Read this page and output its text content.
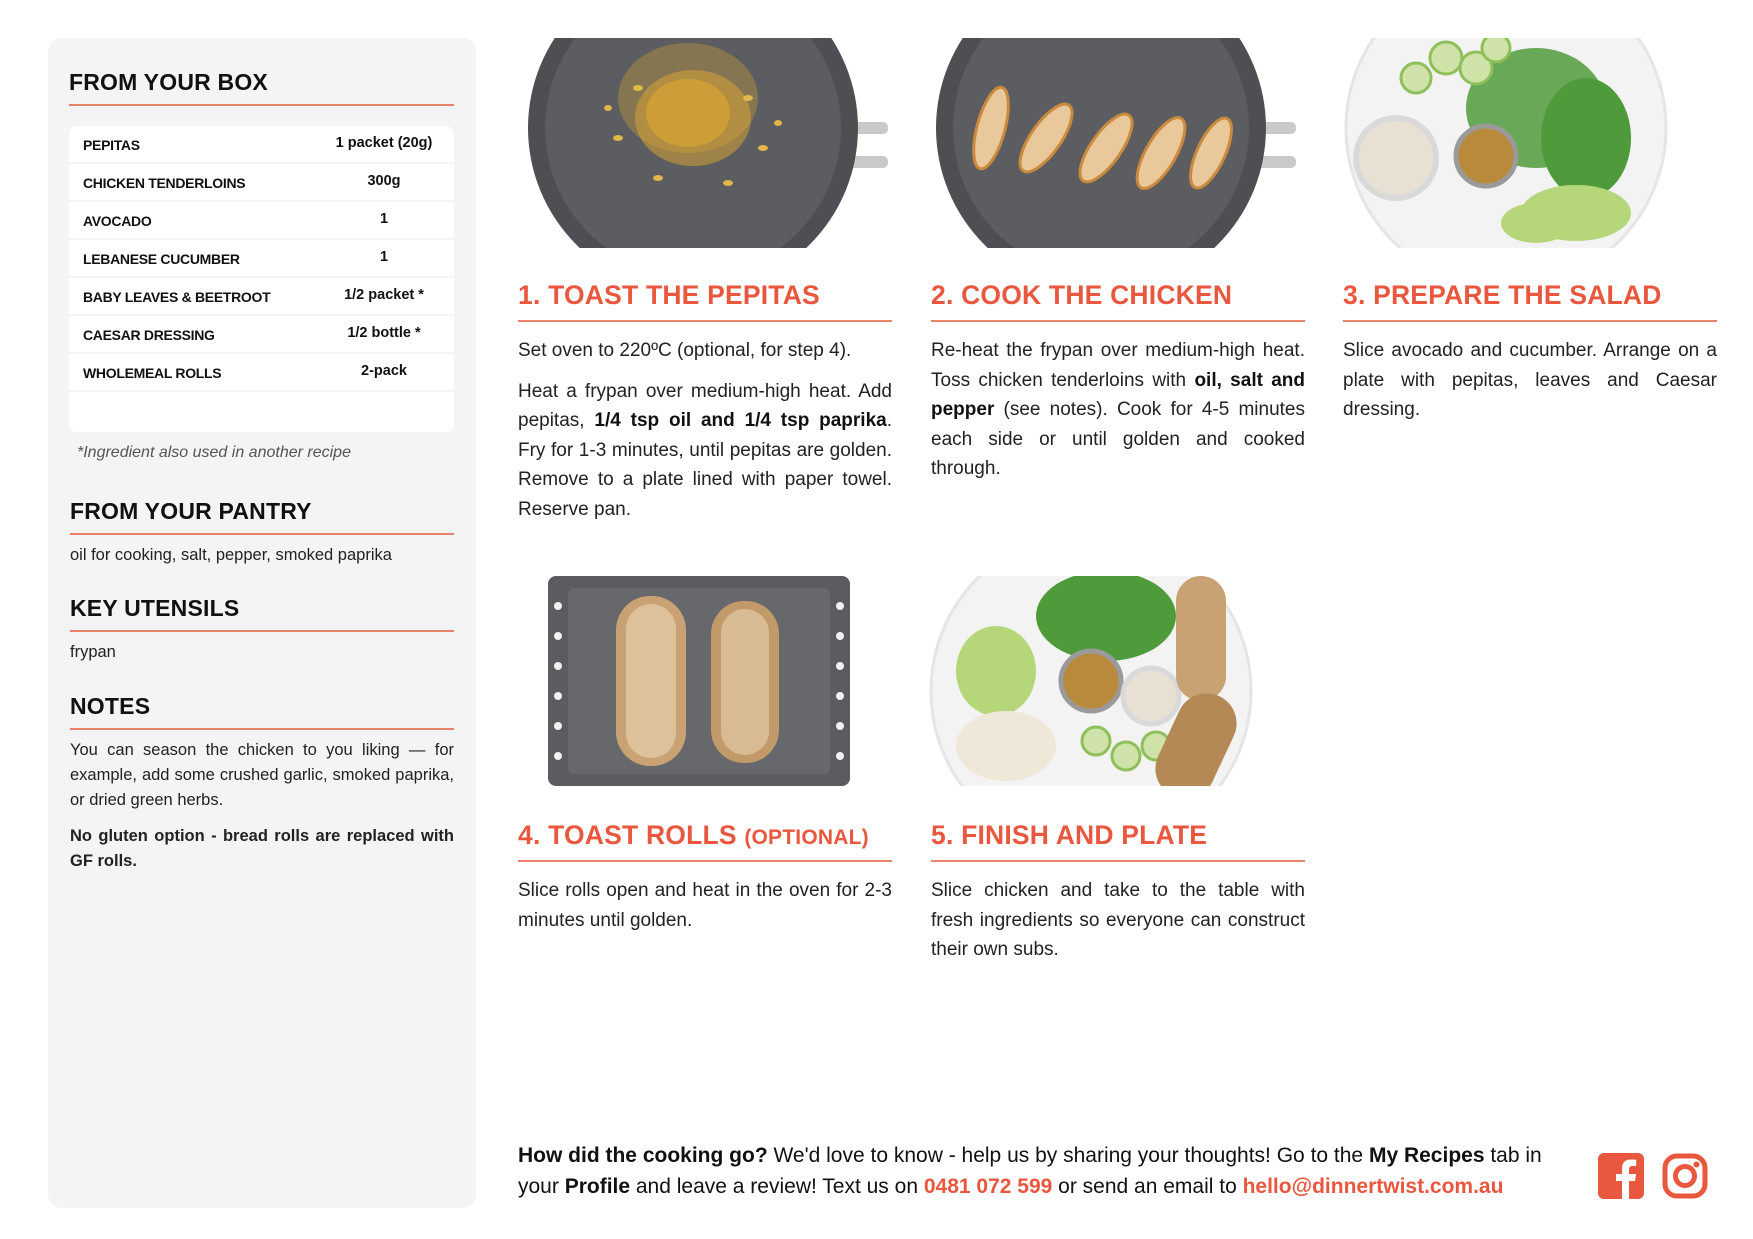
FROM YOUR BOX
PEPITAS	1 packet (20g)
CHICKEN TENDERLOINS	300g
AVOCADO	1
LEBANESE CUCUMBER	1
BABY LEAVES & BEETROOT	1/2 packet *
CAESAR DRESSING	1/2 bottle *
WHOLEMEAL ROLLS	2-pack
*Ingredient also used in another recipe
FROM YOUR PANTRY
oil for cooking, salt, pepper, smoked paprika
KEY UTENSILS
frypan
NOTES
You can season the chicken to you liking — for example, add some crushed garlic, smoked paprika, or dried green herbs.
No gluten option - bread rolls are replaced with GF rolls.
1. TOAST THE PEPITAS

Set oven to 220ºC (optional, for step 4).

Heat a frypan over medium-high heat. Add pepitas, 1/4 tsp oil and 1/4 tsp paprika. Fry for 1-3 minutes, until pepitas are golden. Remove to a plate lined with paper towel. Reserve pan.

2. COOK THE CHICKEN

Re-heat the frypan over medium-high heat. Toss chicken tenderloins with oil, salt and pepper (see notes). Cook for 4-5 minutes each side or until golden and cooked through.

3. PREPARE THE SALAD

Slice avocado and cucumber. Arrange on a plate with pepitas, leaves and Caesar dressing.

4. TOAST ROLLS (OPTIONAL)

Slice rolls open and heat in the oven for 2-3 minutes until golden.

5. FINISH AND PLATE

Slice chicken and take to the table with fresh ingredients so everyone can construct their own subs.

How did the cooking go? We'd love to know - help us by sharing your thoughts! Go to the My Recipes tab in your Profile and leave a review! Text us on 0481 072 599 or send an email to hello@dinnertwist.com.au
